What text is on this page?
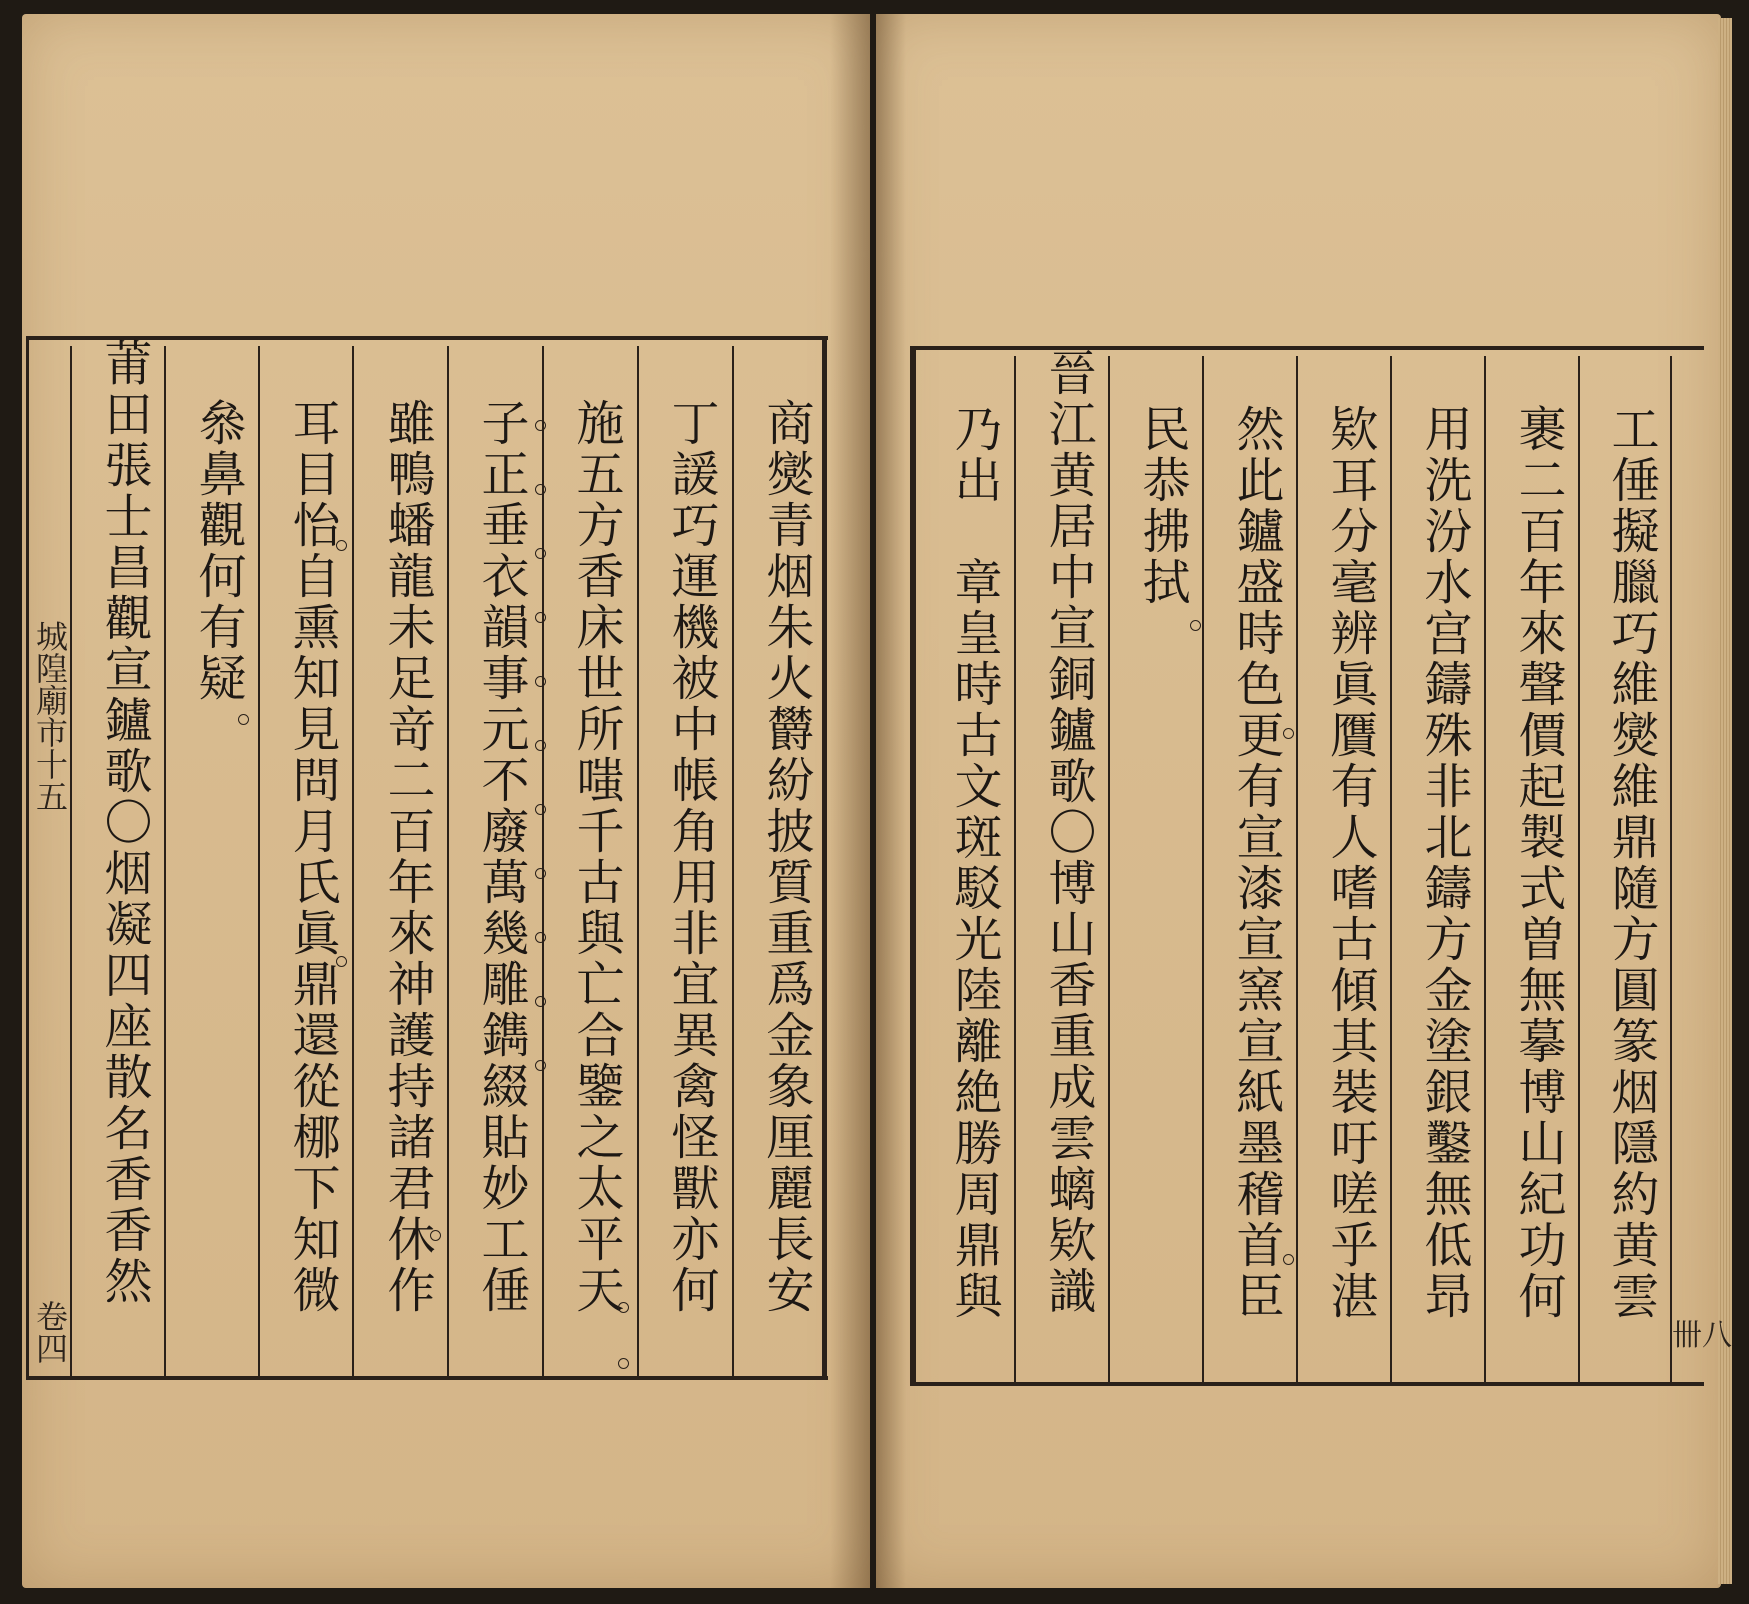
商爕青烟朱火欝紛披質重爲金象厘麗長安
丁諼巧運機被中帳角用非宜異禽怪獸亦何
施五方香床世所嗤千古與亡合鑒之太平天
子正垂衣韻事元不廢萬幾雕鐫綴貼妙工倕
雖鴨蟠龍未足竒二百年來神護持諸君休作
耳目怡自熏知見問月氏眞鼎還從梛下知微
叅鼻觀何有疑
莆田張士昌觀宣鑪歌〇烟凝四座散名香香然
城隍廟市十五
卷四
工倕擬臘巧維爕維鼎隨方圓篆烟隱約黄雲
裹二百年來聲價起製式曽無摹博山紀功何
用洗汾水宫鑄殊非北鑄方金塗銀鑿無低昻
欵耳分毫辨眞贋有人嗜古傾其裝吁嗟乎湛
然此鑪盛時色更有宣漆宣窯宣紙墨稽首臣
民恭拂拭
晉江黄居中宣銅鑪歌〇博山香重成雲螭欵識
乃出　章皇時古文斑駁光陸離絶勝周鼎與
卌八
